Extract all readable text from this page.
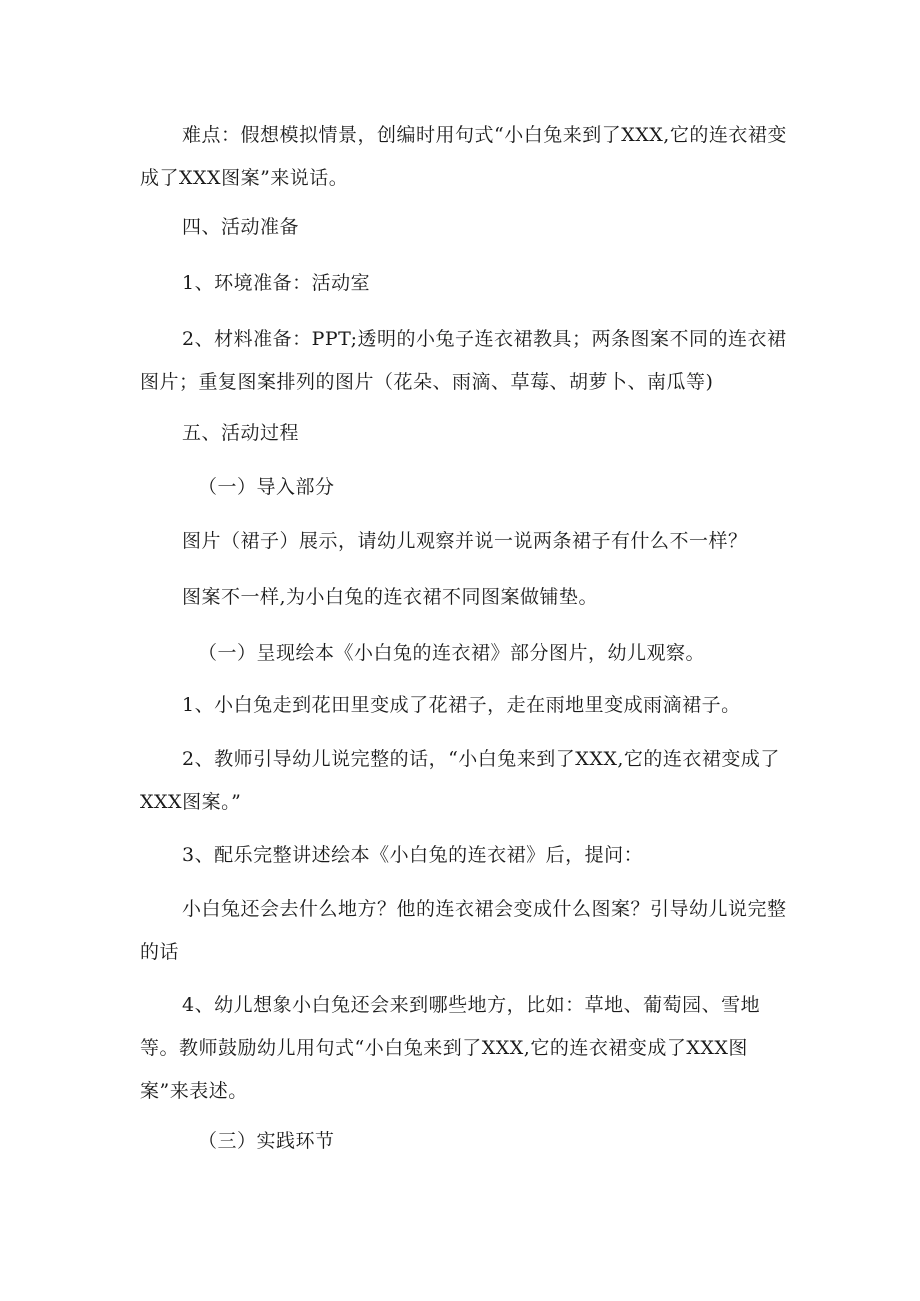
难点：假想模拟情景，创编时用句式“小白兔来到了XXX,它的连衣裙变成了XXX图案”来说话。

四、活动准备

1、环境准备：活动室

2、材料准备：PPT;透明的小兔子连衣裙教具；两条图案不同的连衣裙图片；重复图案排列的图片（花朵、雨滴、草莓、胡萝卜、南瓜等)

五、活动过程

（一）导入部分

图片（裙子）展示，请幼儿观察并说一说两条裙子有什么不一样？

图案不一样,为小白兔的连衣裙不同图案做铺垫。

（一）呈现绘本《小白兔的连衣裙》部分图片，幼儿观察。

1、小白兔走到花田里变成了花裙子，走在雨地里变成雨滴裙子。

2、教师引导幼儿说完整的话，“小白兔来到了XXX,它的连衣裙变成了XXX图案。”

3、配乐完整讲述绘本《小白兔的连衣裙》后，提问：

小白兔还会去什么地方？他的连衣裙会变成什么图案？引导幼儿说完整的话

4、幼儿想象小白兔还会来到哪些地方，比如：草地、葡萄园、雪地等。教师鼓励幼儿用句式“小白兔来到了XXX,它的连衣裙变成了XXX图案”来表述。

（三）实践环节
